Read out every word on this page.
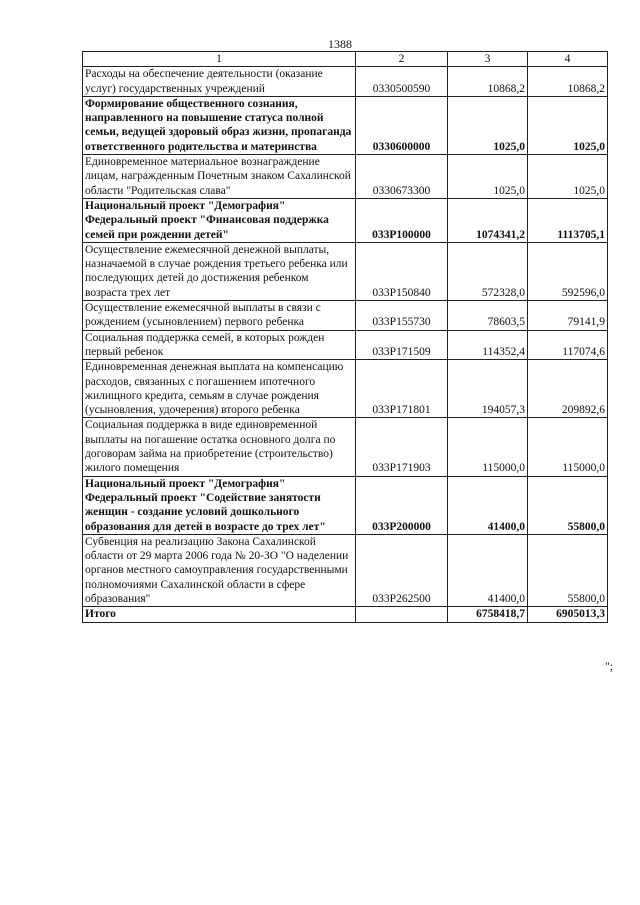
1388
1	2	3	4
Расходы на обеспечение деятельности (оказание услуг) государственных учреждений	0330500590	10868,2	10868,2
Формирование общественного сознания, направленного на повышение статуса полной семьи, ведущей здоровый образ жизни, пропаганда ответственного родительства и материнства	0330600000	1025,0	1025,0
Единовременное материальное вознаграждение лицам, награжденным Почетным знаком Сахалинской области "Родительская слава"	0330673300	1025,0	1025,0
Национальный проект "Демография" Федеральный проект "Финансовая поддержка семей при рождении детей"	033P100000	1074341,2	1113705,1
Осуществление ежемесячной денежной выплаты, назначаемой в случае рождения третьего ребенка или последующих детей до достижения ребенком возраста трех лет	033P150840	572328,0	592596,0
Осуществление ежемесячной выплаты в связи с рождением (усыновлением) первого ребенка	033P155730	78603,5	79141,9
Социальная поддержка семей, в которых рожден первый ребенок	033P171509	114352,4	117074,6
Единовременная денежная выплата на компенсацию расходов, связанных с погашением ипотечного жилищного кредита, семьям в случае рождения (усыновления, удочерения) второго ребенка	033P171801	194057,3	209892,6
Социальная поддержка в виде единовременной выплаты на погашение остатка основного долга по договорам займа на приобретение (строительство) жилого помещения	033P171903	115000,0	115000,0
Национальный проект "Демография" Федеральный проект "Содействие занятости женщин - создание условий дошкольного образования для детей в возрасте до трех лет"	033P200000	41400,0	55800,0
Субвенция на реализацию Закона Сахалинской области от 29 марта 2006 года № 20-ЗО "О наделении органов местного самоуправления государственными полномочиями Сахалинской области в сфере образования"	033P262500	41400,0	55800,0
Итого		6758418,7	6905013,3
";
